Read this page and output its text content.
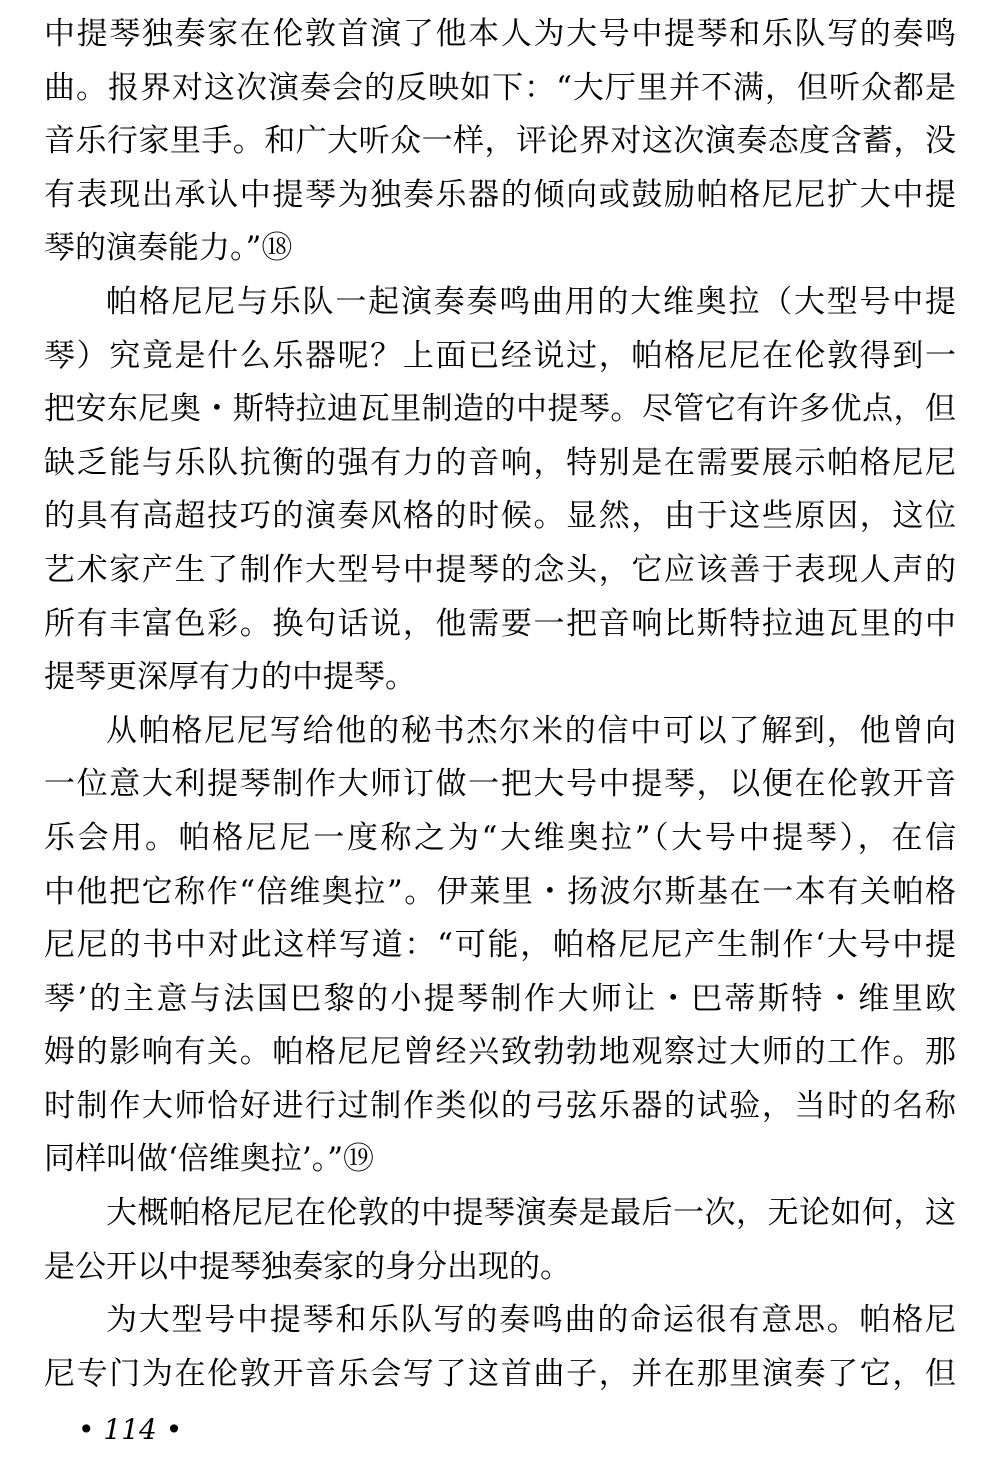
中提琴独奏家在伦敦首演了他本人为大号中提琴和乐队写的奏鸣
曲。报界对这次演奏会的反映如下：“大厅里并不满，但听众都是
音乐行家里手。和广大听众一样，评论界对这次演奏态度含蓄，没
有表现出承认中提琴为独奏乐器的倾向或鼓励帕格尼尼扩大中提
琴的演奏能力。”⑱
帕格尼尼与乐队一起演奏奏鸣曲用的大维奥拉（大型号中提
琴）究竟是什么乐器呢？上面已经说过，帕格尼尼在伦敦得到一
把安东尼奥・斯特拉迪瓦里制造的中提琴。尽管它有许多优点，但
缺乏能与乐队抗衡的强有力的音响，特别是在需要展示帕格尼尼
的具有高超技巧的演奏风格的时候。显然，由于这些原因，这位
艺术家产生了制作大型号中提琴的念头，它应该善于表现人声的
所有丰富色彩。换句话说，他需要一把音响比斯特拉迪瓦里的中
提琴更深厚有力的中提琴。
从帕格尼尼写给他的秘书杰尔米的信中可以了解到，他曾向
一位意大利提琴制作大师订做一把大号中提琴，以便在伦敦开音
乐会用。帕格尼尼一度称之为“大维奥拉”（大号中提琴），在信
中他把它称作“倍维奥拉”。伊莱里・扬波尔斯基在一本有关帕格
尼尼的书中对此这样写道：“可能，帕格尼尼产生制作‘大号中提
琴’的主意与法国巴黎的小提琴制作大师让・巴蒂斯特・维里欧
姆的影响有关。帕格尼尼曾经兴致勃勃地观察过大师的工作。那
时制作大师恰好进行过制作类似的弓弦乐器的试验，当时的名称
同样叫做‘倍维奥拉’。”⑲
大概帕格尼尼在伦敦的中提琴演奏是最后一次，无论如何，这
是公开以中提琴独奏家的身分出现的。
为大型号中提琴和乐队写的奏鸣曲的命运很有意思。帕格尼
尼专门为在伦敦开音乐会写了这首曲子，并在那里演奏了它，但
• 114 •
